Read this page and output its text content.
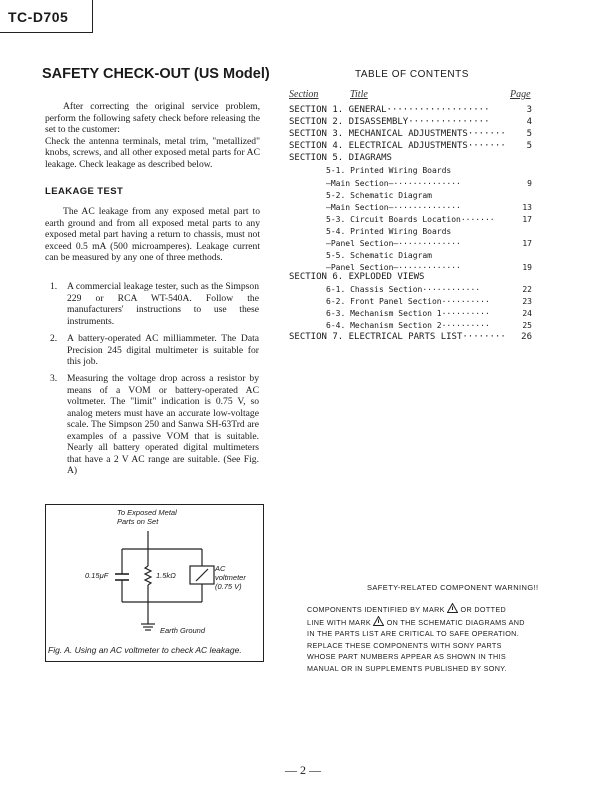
TC-D705
SAFETY CHECK-OUT (US Model)
After correcting the original service problem, perform the following safety check before releasing the set to the customer:
Check the antenna terminals, metal trim, "metallized" knobs, screws, and all other exposed metal parts for AC leakage. Check leakage as described below.
LEAKAGE TEST
The AC leakage from any exposed metal part to earth ground and from all exposed metal parts to any exposed metal part having a return to chassis, must not exceed 0.5 mA (500 microamperes). Leakage current can be measured by any one of three methods.
1.	A commercial leakage tester, such as the Simpson 229 or RCA WT-540A. Follow the manufacturers' instructions to use these instruments.
2.	A battery-operated AC milliammeter. The Data Precision 245 digital multimeter is suitable for this job.
3.	Measuring the voltage drop across a resistor by means of a VOM or battery-operated AC voltmeter. The "limit" indication is 0.75 V, so analog meters must have an accurate low-voltage scale. The Simpson 250 and Sanwa SH-63Trd are examples of a passive VOM that is suitable. Nearly all battery operated digital multimeters that have a 2 V AC range are suitable. (See Fig. A)
To Exposed Metal
Parts on Set
0.15μF	1.5kΩ
AC
voltmeter
(0.75 V)
Earth Ground
Fig. A. Using an AC voltmeter to check AC leakage.
TABLE OF CONTENTS
Section	Title	Page
SECTION 1. GENERAL···················	3
SECTION 2. DISASSEMBLY···············	4
SECTION 3. MECHANICAL ADJUSTMENTS······· 5
SECTION 4. ELECTRICAL ADJUSTMENTS······· 5
SECTION 5. DIAGRAMS
5-1. Printed Wiring Boards
—Main Section—··············	9
5-2. Schematic Diagram
—Main Section—··············	13
5-3. Circuit Boards Location·······	17
5-4. Printed Wiring Boards
—Panel Section—·············	17
5-5. Schematic Diagram
—Panel Section—·············	19
SECTION 6. EXPLODED VIEWS
6-1. Chassis Section············	22
6-2. Front Panel Section··········	23
6-3. Mechanism Section 1··········	24
6-4. Mechanism Section 2··········	25
SECTION 7. ELECTRICAL PARTS LIST········ 26
SAFETY-RELATED COMPONENT WARNING!!
COMPONENTS IDENTIFIED BY MARK OR DOTTED
LINE WITH MARK ON THE SCHEMATIC DIAGRAMS AND IN THE PARTS LIST ARE CRITICAL TO SAFE OPERATION. REPLACE THESE COMPONENTS WITH SONY PARTS WHOSE PART NUMBERS APPEAR AS SHOWN IN THIS MANUAL OR IN SUPPLEMENTS PUBLISHED BY SONY.
— 2 —
